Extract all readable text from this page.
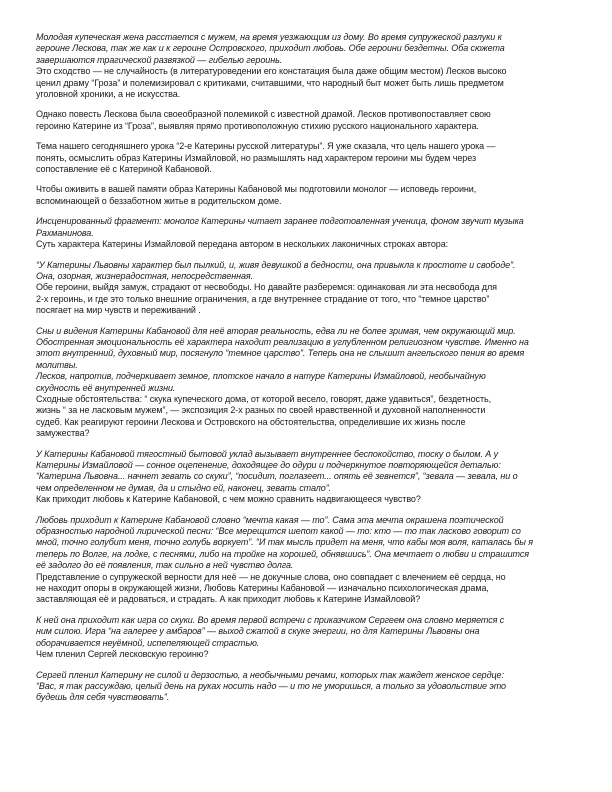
Молодая купеческая жена расстается с мужем, на время уезжающим из дому. Во время супружеской разлуки к
героине Лескова, так же как и к героине Островского, приходит любовь. Обе героини бездетны. Оба сюжета
завершаются трагической развязкой — гибелью героинь.
Это сходство — не случайность (в литературоведении его констатация была даже общим местом) Лесков высоко
ценил драму “Гроза” и полемизировал с критиками, считавшими, что народный быт может быть лишь предметом
уголовной хроники, а не искусства.
Однако повесть Лескова была своеобразной полемикой с известной драмой. Лесков противопоставляет свою
героиню Катерине из “Гроза”, выявляя прямо противоположную стихию русского национального характера.
Тема нашего сегодняшнего урока “2-е Катерины русской литературы”. Я уже сказала, что цель нашего урока —
понять, осмыслить образ Катерины Измайловой, но размышлять над характером героини мы будем через
сопоставление её с Катериной Кабановой.
Чтобы оживить в вашей памяти образ Катерины Кабановой мы подготовили монолог — исповедь героини,
вспоминающей о беззаботном житье в родительском доме.
Инсценированный фрагмент: монолог Катерины читает заранее подготовленная ученица, фоном звучит музыка
Рахманинова.
Суть характера Катерины Измайловой передана автором в нескольких лаконичных строках автора:
“У Катерины Львовны характер был пылкий, и, живя девушкой в бедности, она привыкла к простоте и свободе”.
Она, озорная, жизнерадостная, непосредственная.
Обе героини, выйдя замуж, страдают от несвободы. Но давайте разберемся: одинаковая ли эта несвобода для
2-х героинь, и где это только внешние ограничения, а где внутреннее страдание от того, что “темное царство”
посягает на мир чувств и переживаний .
Сны и видения Катерины Кабановой для неё вторая реальность, едва ли не более зримая, чем окружающий мир.
Обостренная эмоциональность её характера находит реализацию в углубленном религиозном чувстве. Именно на
этот внутренний, духовный мир, посягнуло “темное царство”. Теперь она не слышит ангельского пения во время
молитвы.
Лесков, напротив, подчеркивает земное, плотское начало в натуре Катерины Измайловой, необычайную
скудность её внутренней жизни.
Сходные обстоятельства: “ скука купеческого дома, от которой весело, говорят, даже удавиться”, бездетность,
жизнь “ за не ласковым мужем”, — экспозиция 2-х разных по своей нравственной и духовной наполненности
судеб. Как реагируют героини Лескова и Островского на обстоятельства, определившие их жизнь после
замужества?
У Катерины Кабановой тягостный бытовой уклад вызывает внутреннее беспокойство, тоску о былом. А у
Катерины Измайловой — сонное оцепенение, доходящее до одури и подчеркнутое повторяющейся деталью:
“Катерина Львовна... начнет зевать со скуки”, “посидит, поглазеет... опять её зевнется”, “зевала — зевала, ни о
чем определенном не думая, да и стыдно ей, наконец, зевать стало”.
Как приходит любовь к Катерине Кабановой, с чем можно сравнить надвигающееся чувство?
Любовь приходит к Катерине Кабановой словно “мечта какая — то”. Сама эта мечта окрашена поэтической
образностью народной лирической песни: “Все мерещится шепот какой — то: кто — то так ласково говорит со
мной, точно голубит меня, точно голубь воркует”. “И так мысль придет на меня, что кабы моя воля, каталась бы я
теперь по Волге, на лодке, с песнями, либо на тройке на хорошей, обнявшись”. Она мечтает о любви и страшится
её задолго до её появления, так сильно в ней чувство долга.
Представление о супружеской верности для неё — не докучные слова, оно совпадает с влечением её сердца, но
не находит опоры в окружающей жизни, Любовь Катерины Кабановой — изначально психологическая драма,
заставляющая её и радоваться, и страдать. А как приходит любовь к Катерине Измайловой?
К ней она приходит как игра со скуки. Во время первой встречи с приказчиком Сергеем она словно меряется с
ним силою. Игра “на галерее у амбаров” — выход сжатой в скуке энергии, но для Катерины Львовны она
оборачивается неуёмной, испепеляющей страстью.
Чем пленил Сергей лесковскую героиню?
Сергей пленил Катерину не силой и дерзостью, а необычными речами, которых так жаждет женское сердце:
“Вас, я так рассуждаю, целый день на руках носить надо — и то не уморишься, а только за удовольствие это
будешь для себя чувствовать”.
